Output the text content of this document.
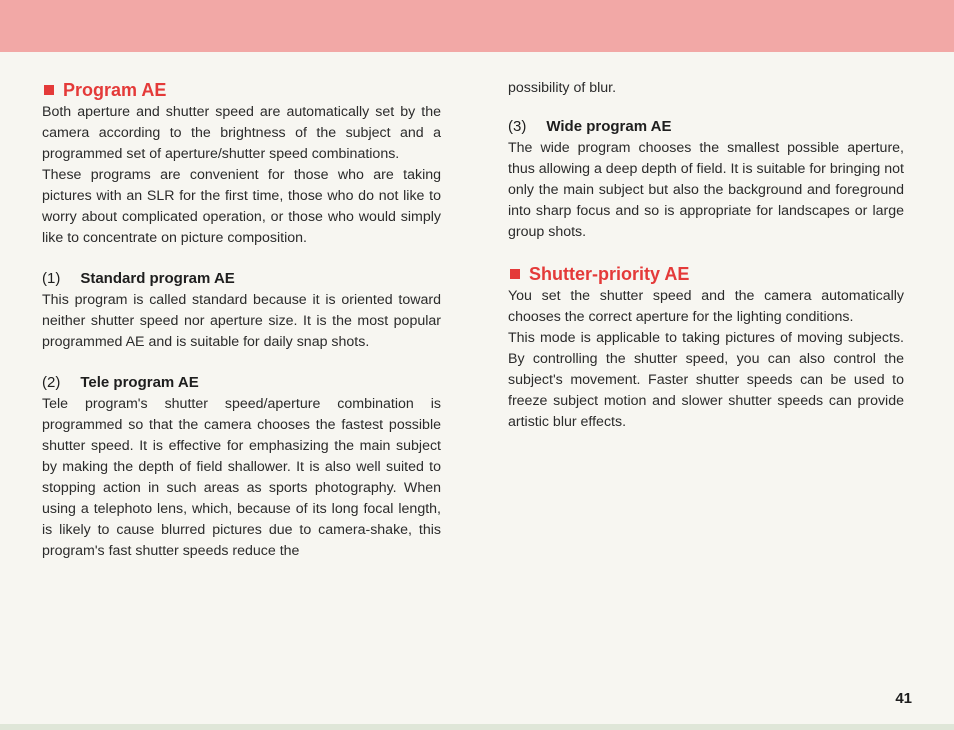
Program AE

Both aperture and shutter speed are automatically set by the camera according to the brightness of the subject and a programmed set of aperture/shutter speed combinations.

These programs are convenient for those who are taking pictures with an SLR for the first time, those who do not like to worry about complicated operation, or those who would simply like to concentrate on picture composition.

(1) Standard program AE

This program is called standard because it is oriented toward neither shutter speed nor aperture size. It is the most popular programmed AE and is suitable for daily snap shots.

(2) Tele program AE

Tele program's shutter speed/aperture combination is programmed so that the camera chooses the fastest possible shutter speed. It is effective for emphasizing the main subject by making the depth of field shallower. It is also well suited to stopping action in such areas as sports photography. When using a telephoto lens, which, because of its long focal length, is likely to cause blurred pictures due to camera-shake, this program's fast shutter speeds reduce the

possibility of blur.

(3) Wide program AE

The wide program chooses the smallest possible aperture, thus allowing a deep depth of field. It is suitable for bringing not only the main subject but also the background and foreground into sharp focus and so is appropriate for landscapes or large group shots.

Shutter-priority AE

You set the shutter speed and the camera automatically chooses the correct aperture for the lighting conditions.

This mode is applicable to taking pictures of moving subjects. By controlling the shutter speed, you can also control the subject's movement. Faster shutter speeds can be used to freeze subject motion and slower shutter speeds can provide artistic blur effects.

41
